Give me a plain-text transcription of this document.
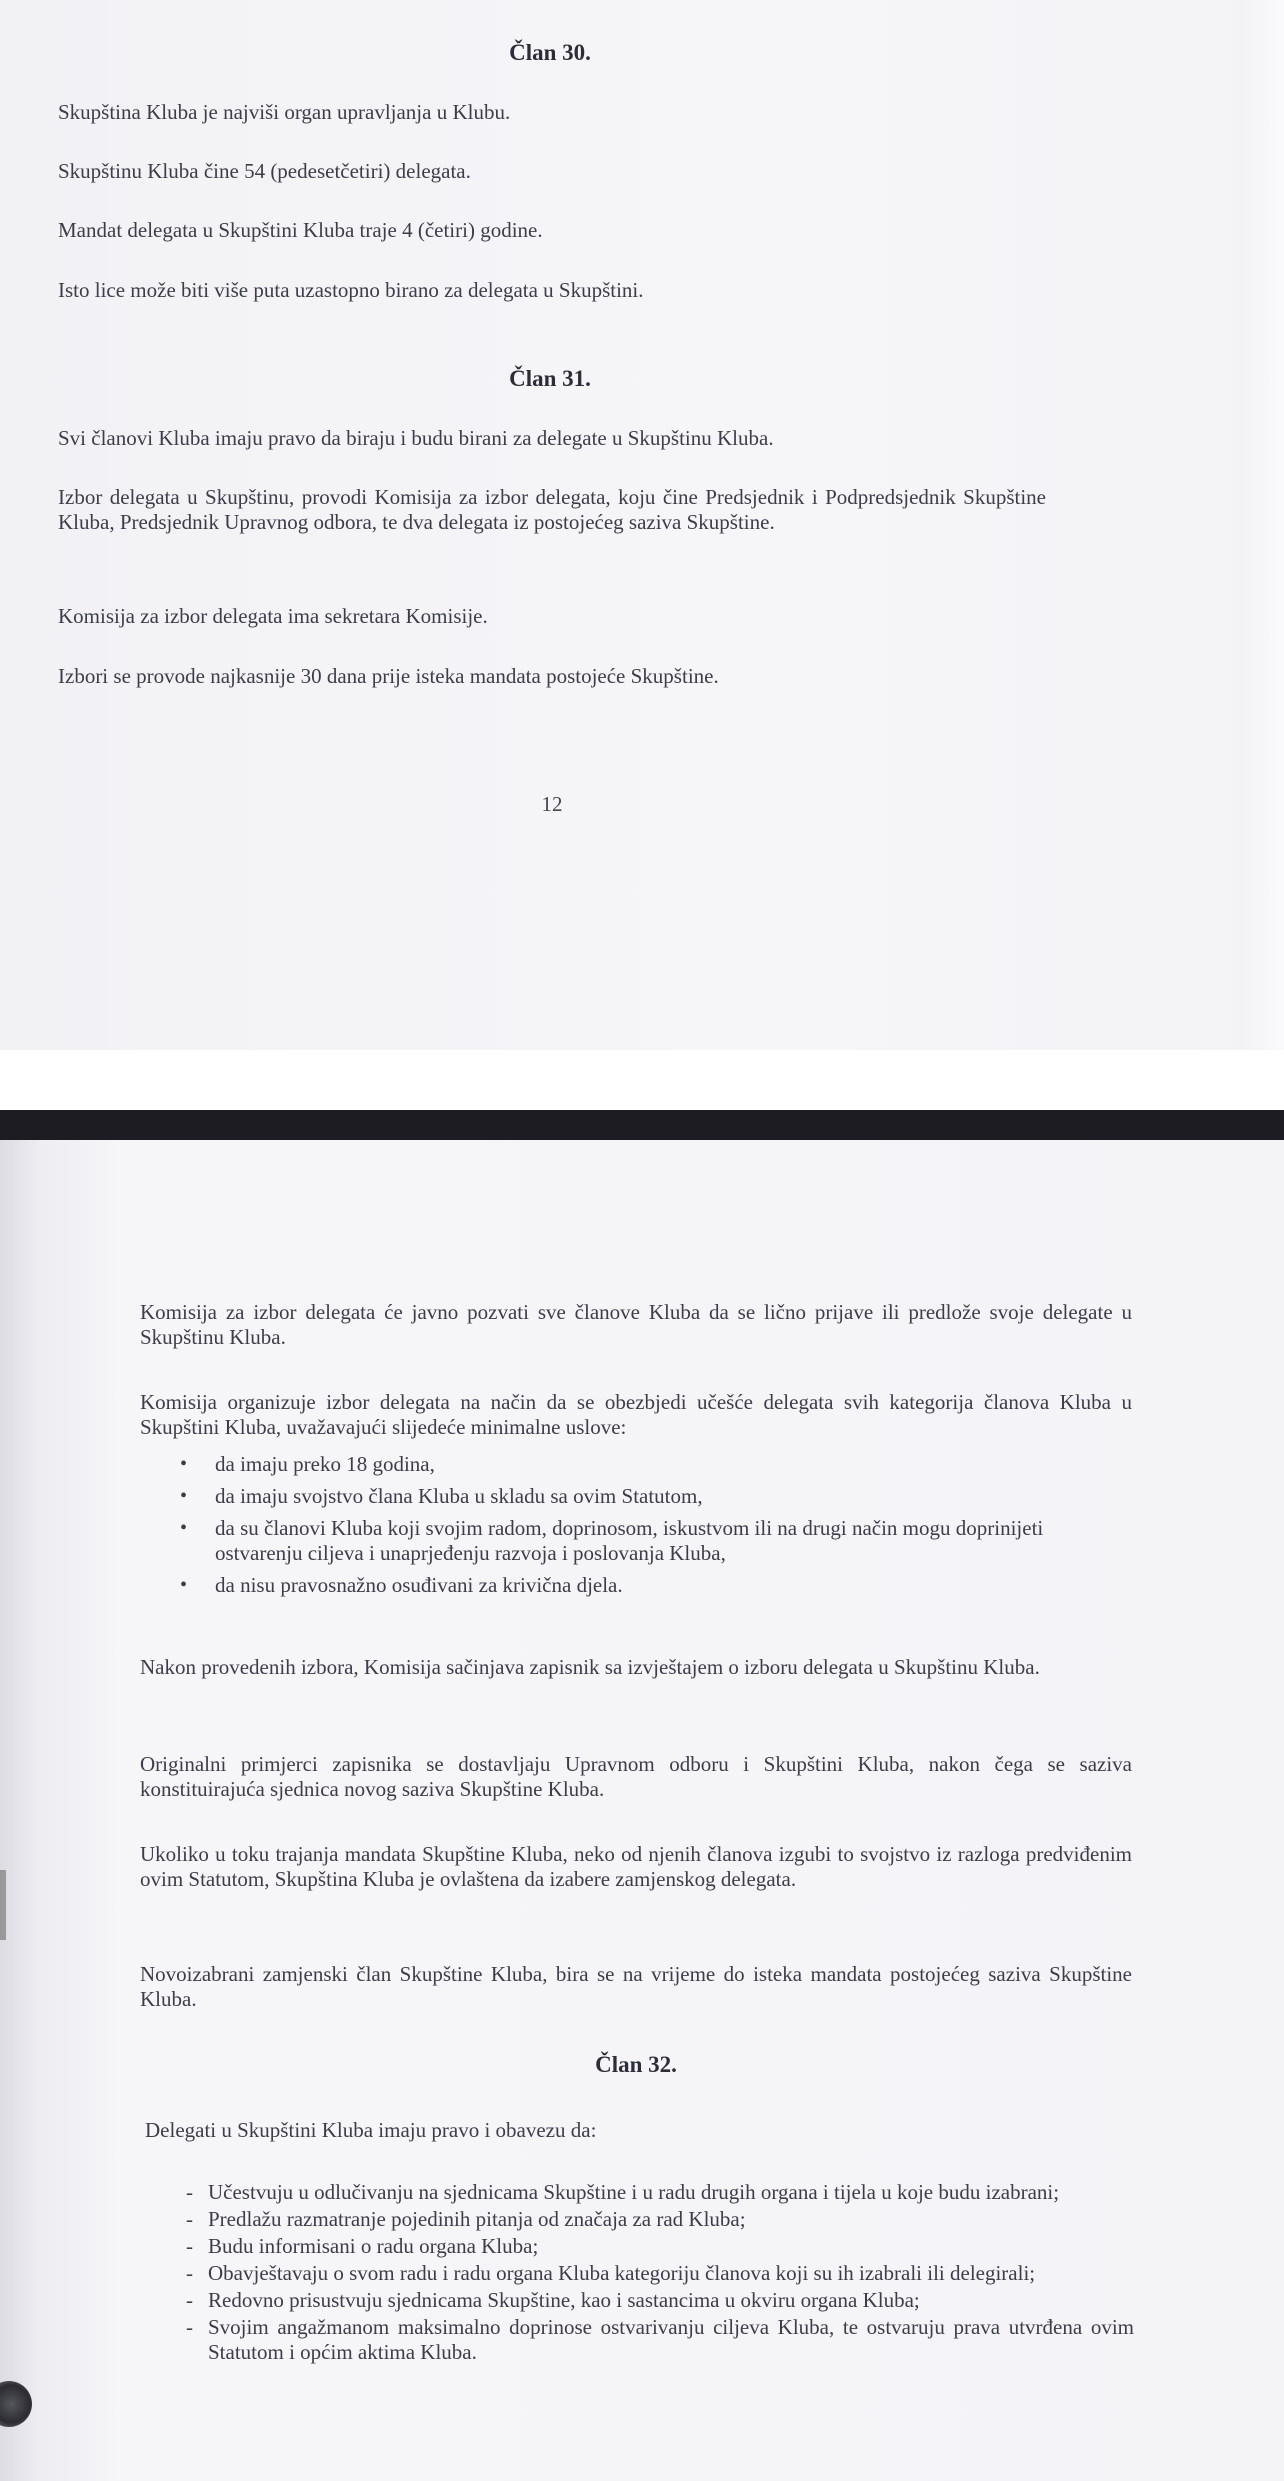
Član 30.
Skupština Kluba je najviši organ upravljanja u Klubu.
Skupštinu Kluba čine 54 (pedesetčetiri) delegata.
Mandat delegata u Skupštini Kluba traje 4 (četiri) godine.
Isto lice može biti više puta uzastopno birano za delegata u Skupštini.
Član 31.
Svi članovi Kluba imaju pravo da biraju i budu birani za delegate u Skupštinu Kluba.
Izbor delegata u Skupštinu, provodi Komisija za izbor delegata, koju čine Predsjednik i Podpredsjednik Skupštine Kluba, Predsjednik Upravnog odbora, te dva delegata iz postojećeg saziva Skupštine.
Komisija za izbor delegata ima sekretara Komisije.
Izbori se provode najkasnije 30 dana prije isteka mandata postojeće Skupštine.
12
Komisija za izbor delegata će javno pozvati sve članove Kluba da se lično prijave ili predlože svoje delegate u Skupštinu Kluba.
Komisija organizuje izbor delegata na način da se obezbjedi učešće delegata svih kategorija članova Kluba u Skupštini Kluba, uvažavajući slijedeće minimalne uslove:
• da imaju preko 18 godina,
• da imaju svojstvo člana Kluba u skladu sa ovim Statutom,
• da su članovi Kluba koji svojim radom, doprinosom, iskustvom ili na drugi način mogu doprinijeti ostvarenju ciljeva i unaprjeđenju razvoja i poslovanja Kluba,
• da nisu pravosnažno osuđivani za krivična djela.
Nakon provedenih izbora, Komisija sačinjava zapisnik sa izvještajem o izboru delegata u Skupštinu Kluba.
Originalni primjerci zapisnika se dostavljaju Upravnom odboru i Skupštini Kluba, nakon čega se saziva konstituirajuća sjednica novog saziva Skupštine Kluba.
Ukoliko u toku trajanja mandata Skupštine Kluba, neko od njenih članova izgubi to svojstvo iz razloga predviđenim ovim Statutom, Skupština Kluba je ovlaštena da izabere zamjenskog delegata.
Novoizabrani zamjenski član Skupštine Kluba, bira se na vrijeme do isteka mandata postojećeg saziva Skupštine Kluba.
Član 32.
Delegati u Skupštini Kluba imaju pravo i obavezu da:
- Učestvuju u odlučivanju na sjednicama Skupštine i u radu drugih organa i tijela u koje budu izabrani;
- Predlažu razmatranje pojedinih pitanja od značaja za rad Kluba;
- Budu informisani o radu organa Kluba;
- Obavještavaju o svom radu i radu organa Kluba kategoriju članova koji su ih izabrali ili delegirali;
- Redovno prisustvuju sjednicama Skupštine, kao i sastancima u okviru organa Kluba;
- Svojim angažmanom maksimalno doprinose ostvarivanju ciljeva Kluba, te ostvaruju prava utvrđena ovim Statutom i općim aktima Kluba.
